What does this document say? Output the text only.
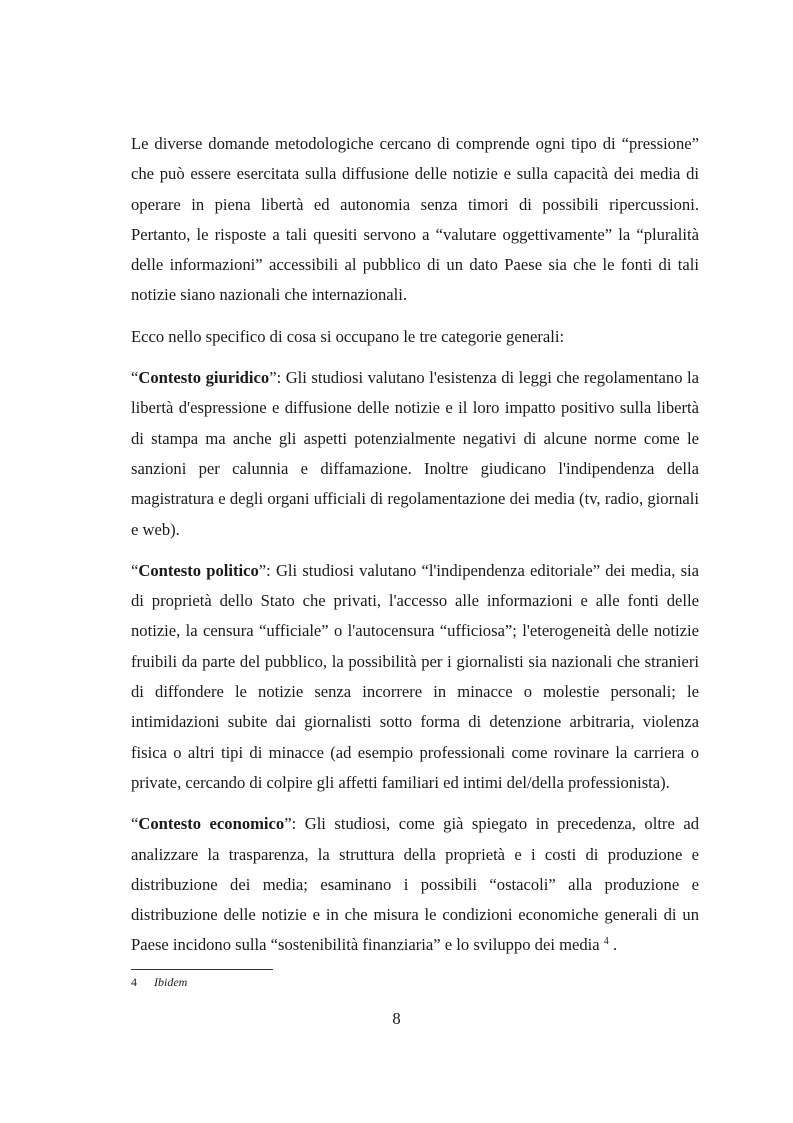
Le diverse domande metodologiche cercano di comprende ogni tipo di “pressione” che può essere esercitata sulla diffusione delle notizie e sulla capacità dei media di operare in piena libertà ed autonomia senza timori di possibili ripercussioni. Pertanto, le risposte a tali quesiti servono a “valutare oggettivamente” la “pluralità delle informazioni” accessibili al pubblico di un dato Paese sia che le fonti di tali notizie siano nazionali che internazionali.

Ecco nello specifico di cosa si occupano le tre categorie generali:

“Contesto giuridico”: Gli studiosi valutano l'esistenza di leggi che regolamentano la libertà d'espressione e diffusione delle notizie e il loro impatto positivo sulla libertà di stampa ma anche gli aspetti potenzialmente negativi di alcune norme come le sanzioni per calunnia e diffamazione. Inoltre giudicano l'indipendenza della magistratura e degli organi ufficiali di regolamentazione dei media (tv, radio, giornali e web).

“Contesto politico”: Gli studiosi valutano “l'indipendenza editoriale” dei media, sia di proprietà dello Stato che privati, l'accesso alle informazioni e alle fonti delle notizie, la censura “ufficiale” o l'autocensura “ufficiosa”; l'eterogeneità delle notizie fruibili da parte del pubblico, la possibilità per i giornalisti sia nazionali che stranieri di diffondere le notizie senza incorrere in minacce o molestie personali; le intimidazioni subite dai giornalisti sotto forma di detenzione arbitraria, violenza fisica o altri tipi di minacce (ad esempio professionali come rovinare la carriera o private, cercando di colpire gli affetti familiari ed intimi del/della professionista).

“Contesto economico”: Gli studiosi, come già spiegato in precedenza, oltre ad analizzare la trasparenza, la struttura della proprietà e i costi di produzione e distribuzione dei media; esaminano i possibili “ostacoli” alla produzione e distribuzione delle notizie e in che misura le condizioni economiche generali di un Paese incidono sulla “sostenibilità finanziaria” e lo sviluppo dei media $^4$ .

4 Ibidem
8
